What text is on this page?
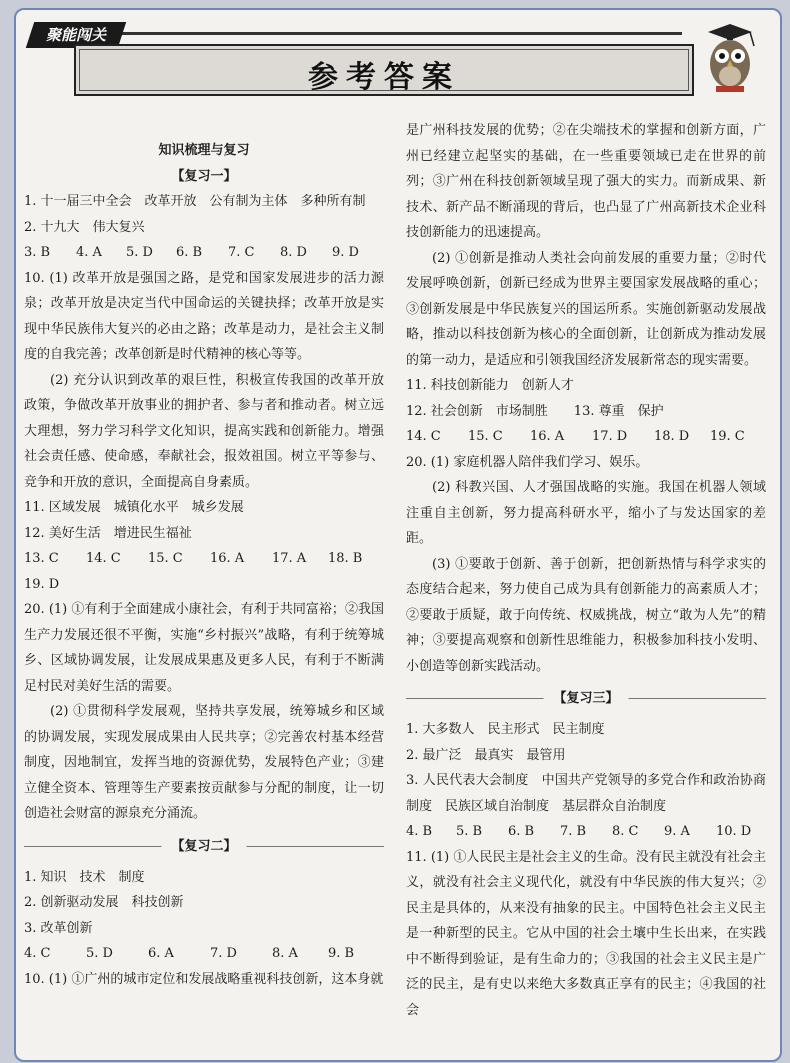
聚能闯关
参考答案
知识梳理与复习
【复习一】
1. 十一届三中全会　改革开放　公有制为主体　多种所有制
2. 十九大　伟大复兴
3. B 4. A 5. D 6. B 7. C 8. D 9. D
10. (1) 改革开放是强国之路，是党和国家发展进步的活力源泉；改革开放是决定当代中国命运的关键抉择；改革开放是实现中华民族伟大复兴的必由之路；改革是动力，是社会主义制度的自我完善；改革创新是时代精神的核心等等。
(2) 充分认识到改革的艰巨性，积极宣传我国的改革开放政策，争做改革开放事业的拥护者、参与者和推动者。树立远大理想，努力学习科学文化知识，提高实践和创新能力。增强社会责任感、使命感，奉献社会，报效祖国。树立平等参与、竞争和开放的意识，全面提高自身素质。
11. 区域发展　城镇化水平　城乡发展
12. 美好生活　增进民生福祉
13. C 14. C 15. C 16. A 17. A 18. B
19. D
20. (1) ①有利于全面建成小康社会，有利于共同富裕；②我国生产力发展还很不平衡，实施“乡村振兴”战略，有利于统筹城乡、区域协调发展，让发展成果惠及更多人民，有利于不断满足村民对美好生活的需要。
(2) ①贯彻科学发展观，坚持共享发展，统筹城乡和区域的协调发展，实现发展成果由人民共享；②完善农村基本经营制度，因地制宜，发挥当地的资源优势，发展特色产业；③建立健全资本、管理等生产要素按贡献参与分配的制度，让一切创造社会财富的源泉充分涌流。
【复习二】
1. 知识　技术　制度
2. 创新驱动发展　科技创新
3. 改革创新
4. C	5. D	6. A	7. D	8. A 9. B
10. (1) ①广州的城市定位和发展战略重视科技创新，这本身就
是广州科技发展的优势；②在尖端技术的掌握和创新方面，广州已经建立起坚实的基础，在一些重要领域已走在世界的前列；③广州在科技创新领域呈现了强大的实力。而新成果、新技术、新产品不断涌现的背后，也凸显了广州高新技术企业科技创新能力的迅速提高。
(2) ①创新是推动人类社会向前发展的重要力量；②时代发展呼唤创新，创新已经成为世界主要国家发展战略的重心；③创新发展是中华民族复兴的国运所系。实施创新驱动发展战略，推动以科技创新为核心的全面创新，让创新成为推动发展的第一动力，是适应和引领我国经济发展新常态的现实需要。
11. 科技创新能力　创新人才
12. 社会创新　市场制胜　　13. 尊重　保护
14. C 15. C 16. A 17. D 18. D 19. C
20. (1) 家庭机器人陪伴我们学习、娱乐。
(2) 科教兴国、人才强国战略的实施。我国在机器人领域注重自主创新，努力提高科研水平，缩小了与发达国家的差距。
(3) ①要敢于创新、善于创新，把创新热情与科学求实的态度结合起来，努力使自己成为具有创新能力的高素质人才；②要敢于质疑，敢于向传统、权威挑战，树立“敢为人先”的精神；③要提高观察和创新性思维能力，积极参加科技小发明、小创造等创新实践活动。
【复习三】
1. 大多数人　民主形式　民主制度
2. 最广泛　最真实　最管用
3. 人民代表大会制度　中国共产党领导的多党合作和政治协商制度　民族区域自治制度　基层群众自治制度
4. B 5. B 6. B 7. B 8. C 9. A 10. D
11. (1) ①人民民主是社会主义的生命。没有民主就没有社会主义，就没有社会主义现代化，就没有中华民族的伟大复兴；②民主是具体的，从来没有抽象的民主。中国特色社会主义民主是一种新型的民主。它从中国的社会土壤中生长出来，在实践中不断得到验证，是有生命力的；③我国的社会主义民主是广泛的民主，是有史以来绝大多数真正享有的民主；④我国的社会
